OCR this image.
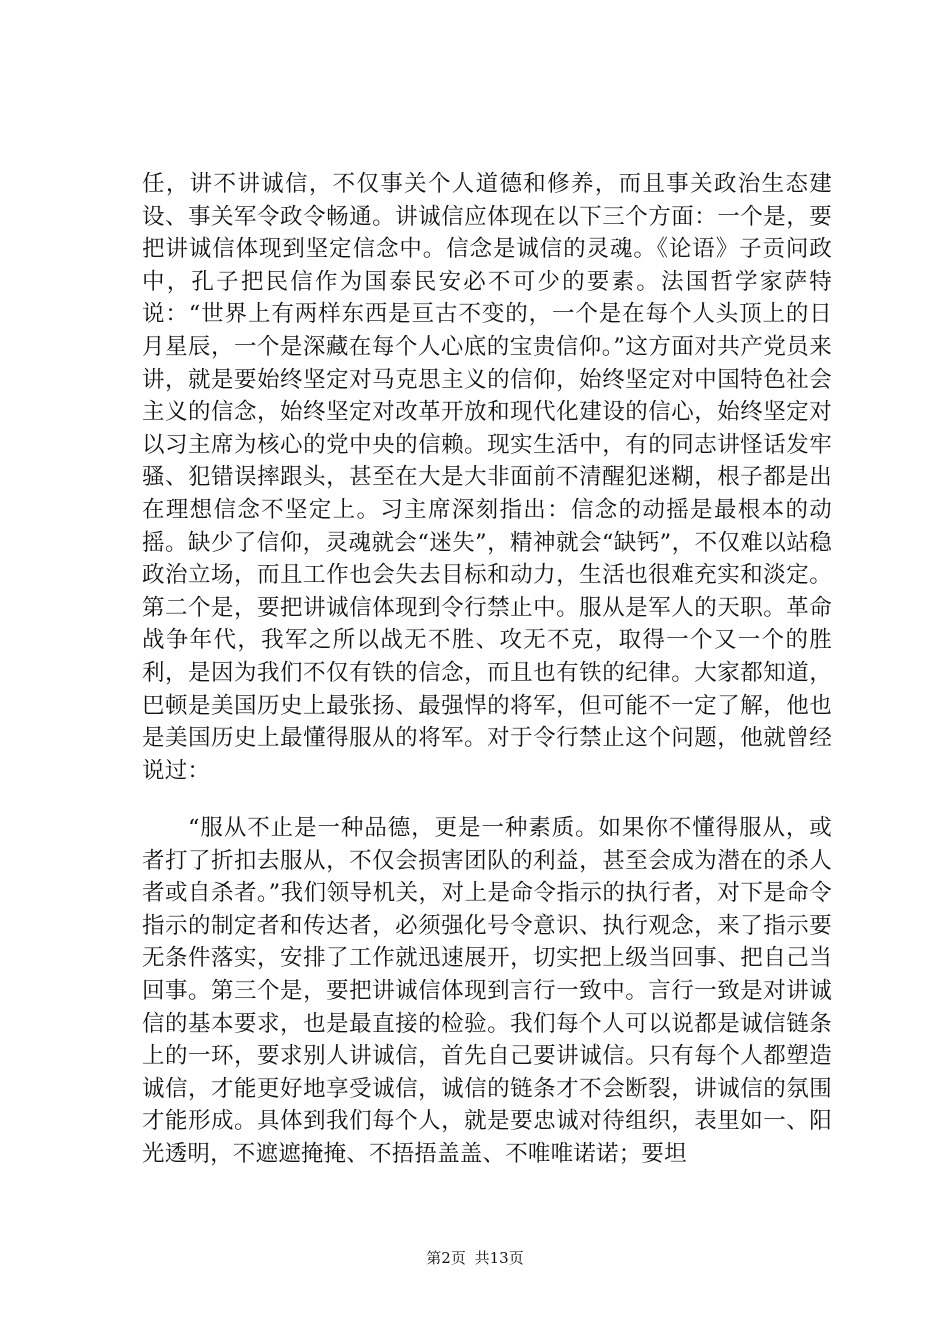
任，讲不讲诚信，不仅事关个人道德和修养，而且事关政治生态建设、事关军令政令畅通。讲诚信应体现在以下三个方面：一个是，要把讲诚信体现到坚定信念中。信念是诚信的灵魂。《论语》子贡问政中，孔子把民信作为国泰民安必不可少的要素。法国哲学家萨特说：“世界上有两样东西是亘古不变的，一个是在每个人头顶上的日月星辰，一个是深藏在每个人心底的宝贵信仰。”这方面对共产党员来讲，就是要始终坚定对马克思主义的信仰，始终坚定对中国特色社会主义的信念，始终坚定对改革开放和现代化建设的信心，始终坚定对以习主席为核心的党中央的信赖。现实生活中，有的同志讲怪话发牢骚、犯错误摔跟头，甚至在大是大非面前不清醒犯迷糊，根子都是出在理想信念不坚定上。习主席深刻指出：信念的动摇是最根本的动摇。缺少了信仰，灵魂就会“迷失”，精神就会“缺钙”，不仅难以站稳政治立场，而且工作也会失去目标和动力，生活也很难充实和淡定。第二个是，要把讲诚信体现到令行禁止中。服从是军人的天职。革命战争年代，我军之所以战无不胜、攻无不克，取得一个又一个的胜利，是因为我们不仅有铁的信念，而且也有铁的纪律。大家都知道，巴顿是美国历史上最张扬、最强悍的将军，但可能不一定了解，他也是美国历史上最懂得服从的将军。对于令行禁止这个问题，他就曾经说过：

“服从不止是一种品德，更是一种素质。如果你不懂得服从，或者打了折扣去服从，不仅会损害团队的利益，甚至会成为潜在的杀人者或自杀者。”我们领导机关，对上是命令指示的执行者，对下是命令指示的制定者和传达者，必须强化号令意识、执行观念，来了指示要无条件落实，安排了工作就迅速展开，切实把上级当回事、把自己当回事。第三个是，要把讲诚信体现到言行一致中。言行一致是对讲诚信的基本要求，也是最直接的检验。我们每个人可以说都是诚信链条上的一环，要求别人讲诚信，首先自己要讲诚信。只有每个人都塑造诚信，才能更好地享受诚信，诚信的链条才不会断裂，讲诚信的氛围才能形成。具体到我们每个人，就是要忠诚对待组织，表里如一、阳光透明，不遮遮掩掩、不捂捂盖盖、不唯唯诺诺；要坦

第2页 共13页
